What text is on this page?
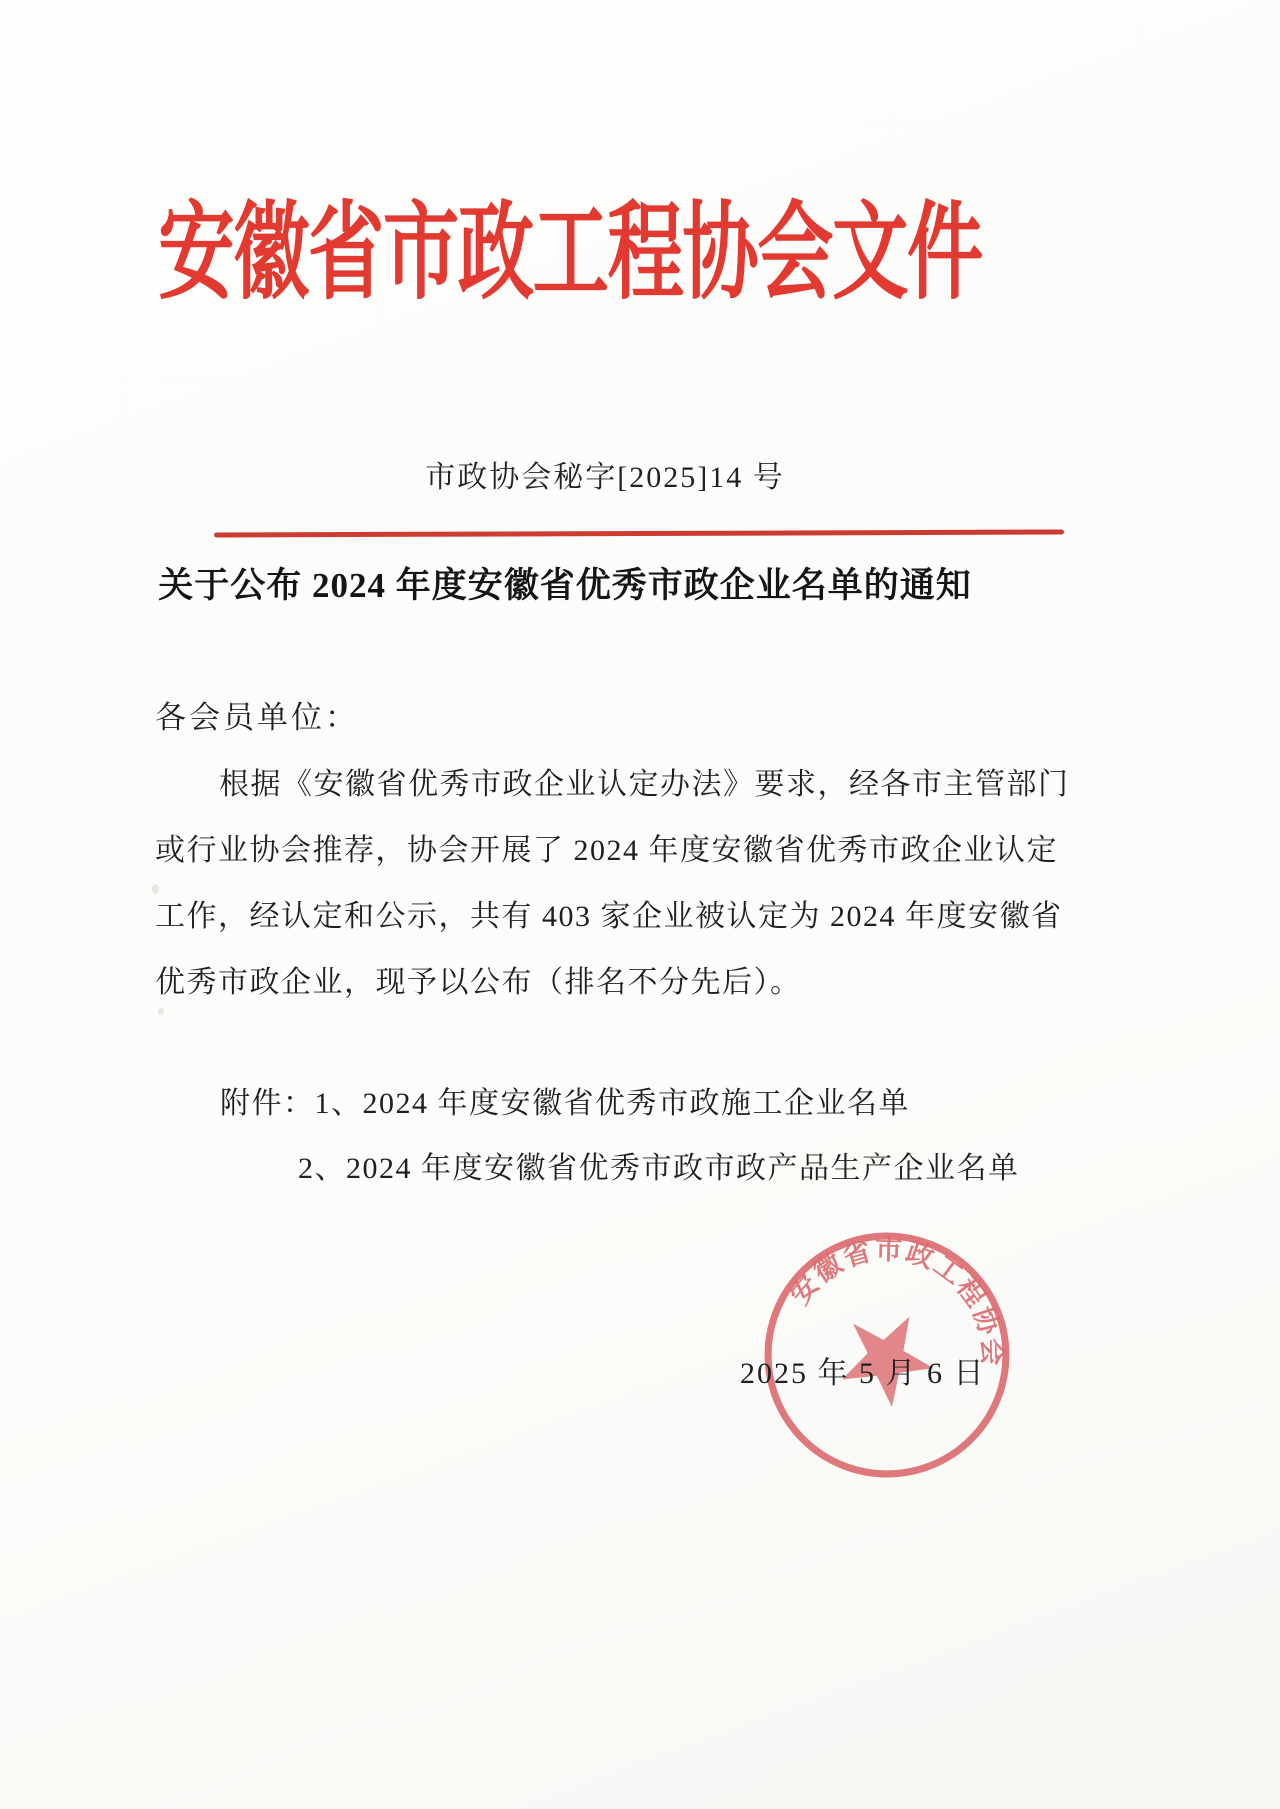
安徽省市政工程协会文件
市政协会秘字[2025]14 号
关于公布 2024 年度安徽省优秀市政企业名单的通知
各会员单位：
根据《安徽省优秀市政企业认定办法》要求，经各市主管部门
或行业协会推荐，协会开展了 2024 年度安徽省优秀市政企业认定
工作，经认定和公示，共有 403 家企业被认定为 2024 年度安徽省
优秀市政企业，现予以公布（排名不分先后）。
附件：1、2024 年度安徽省优秀市政施工企业名单
2、2024 年度安徽省优秀市政市政产品生产企业名单
安徽省市政工程协会
2025 年 5 月 6 日
